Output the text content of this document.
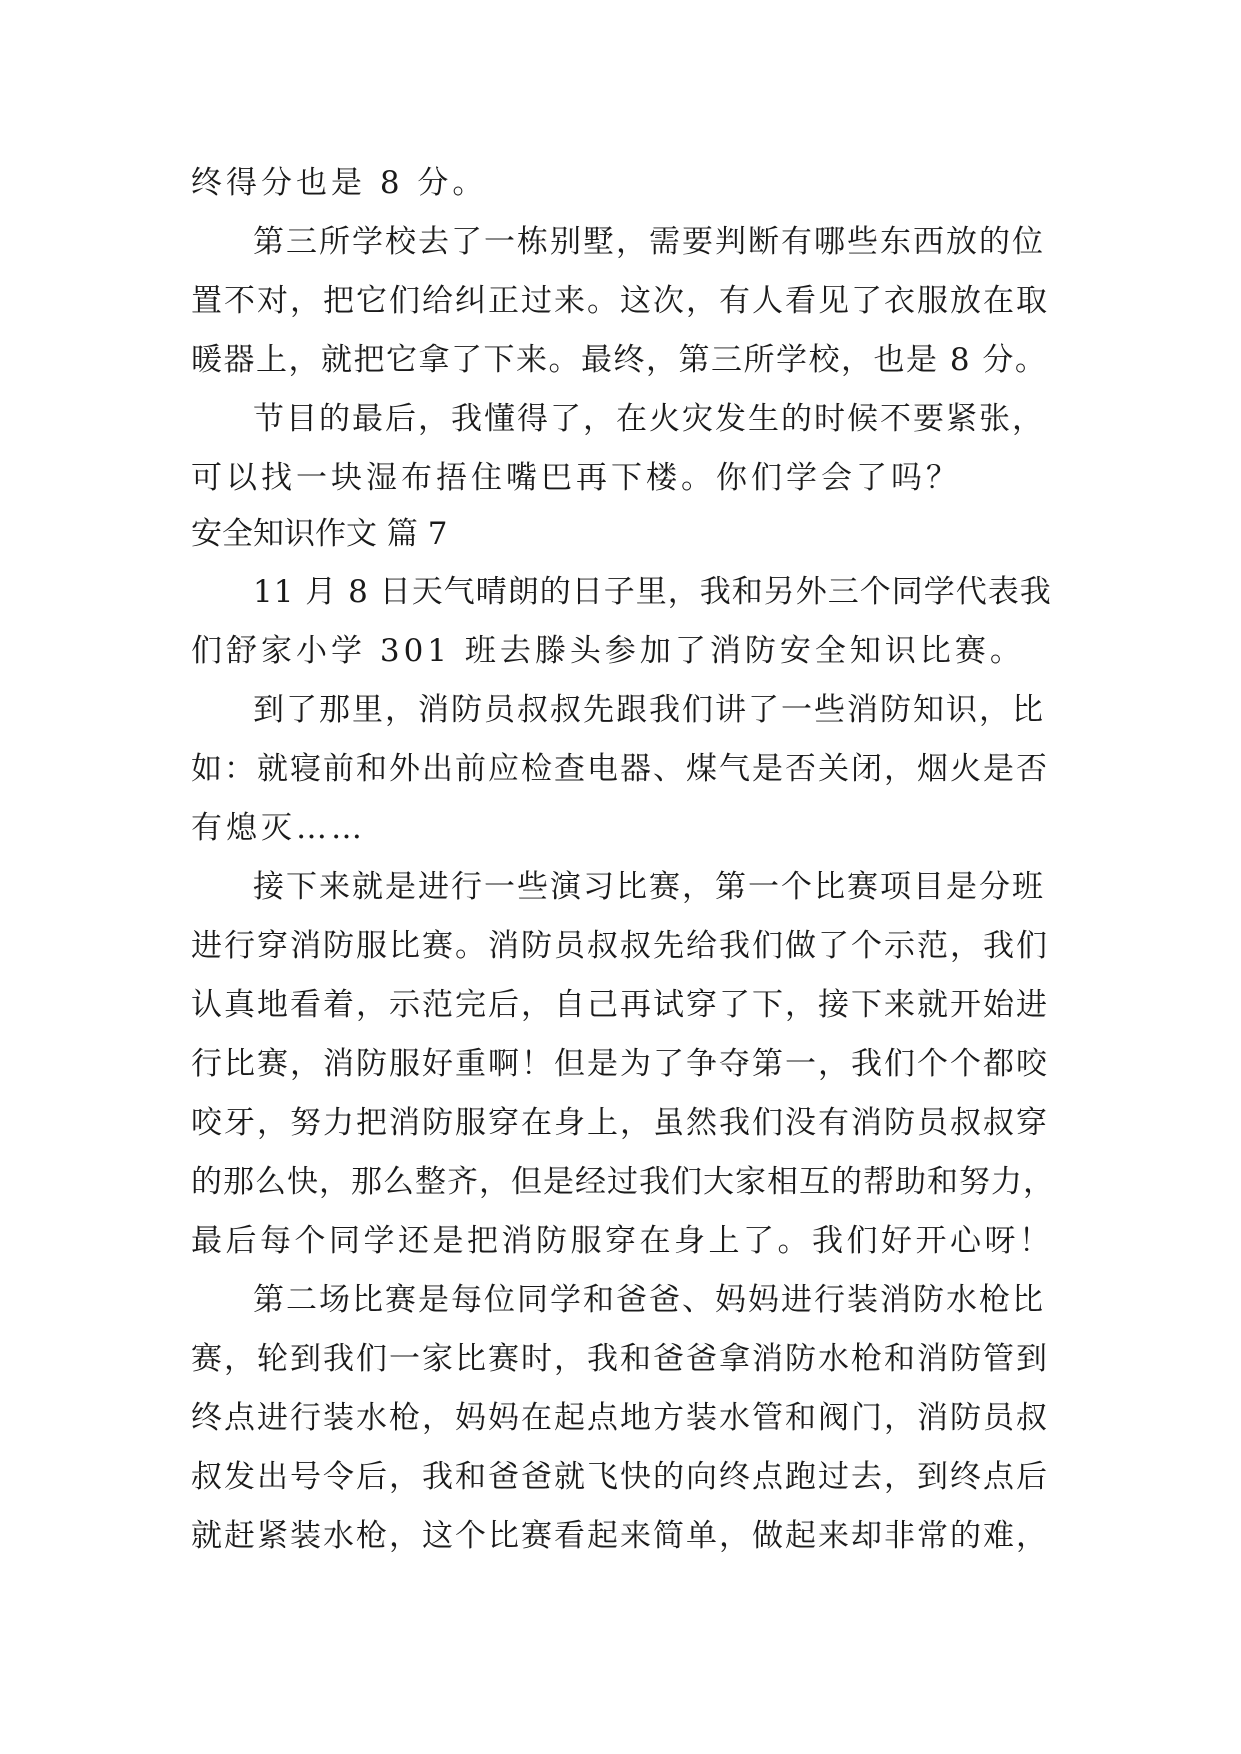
终得分也是 8 分。
第三所学校去了一栋别墅，需要判断有哪些东西放的位
置不对，把它们给纠正过来。这次，有人看见了衣服放在取
暖器上，就把它拿了下来。最终，第三所学校，也是 8 分。
节目的最后，我懂得了，在火灾发生的时候不要紧张，
可以找一块湿布捂住嘴巴再下楼。你们学会了吗？
安全知识作文 篇 7
11 月 8 日天气晴朗的日子里，我和另外三个同学代表我
们舒家小学 301 班去滕头参加了消防安全知识比赛。
到了那里，消防员叔叔先跟我们讲了一些消防知识，比
如：就寝前和外出前应检查电器、煤气是否关闭，烟火是否
有熄灭……
接下来就是进行一些演习比赛，第一个比赛项目是分班
进行穿消防服比赛。消防员叔叔先给我们做了个示范，我们
认真地看着，示范完后，自己再试穿了下，接下来就开始进
行比赛，消防服好重啊！但是为了争夺第一，我们个个都咬
咬牙，努力把消防服穿在身上，虽然我们没有消防员叔叔穿
的那么快，那么整齐，但是经过我们大家相互的帮助和努力，
最后每个同学还是把消防服穿在身上了。我们好开心呀！
第二场比赛是每位同学和爸爸、妈妈进行装消防水枪比
赛，轮到我们一家比赛时，我和爸爸拿消防水枪和消防管到
终点进行装水枪，妈妈在起点地方装水管和阀门，消防员叔
叔发出号令后，我和爸爸就飞快的向终点跑过去，到终点后
就赶紧装水枪，这个比赛看起来简单，做起来却非常的难，
